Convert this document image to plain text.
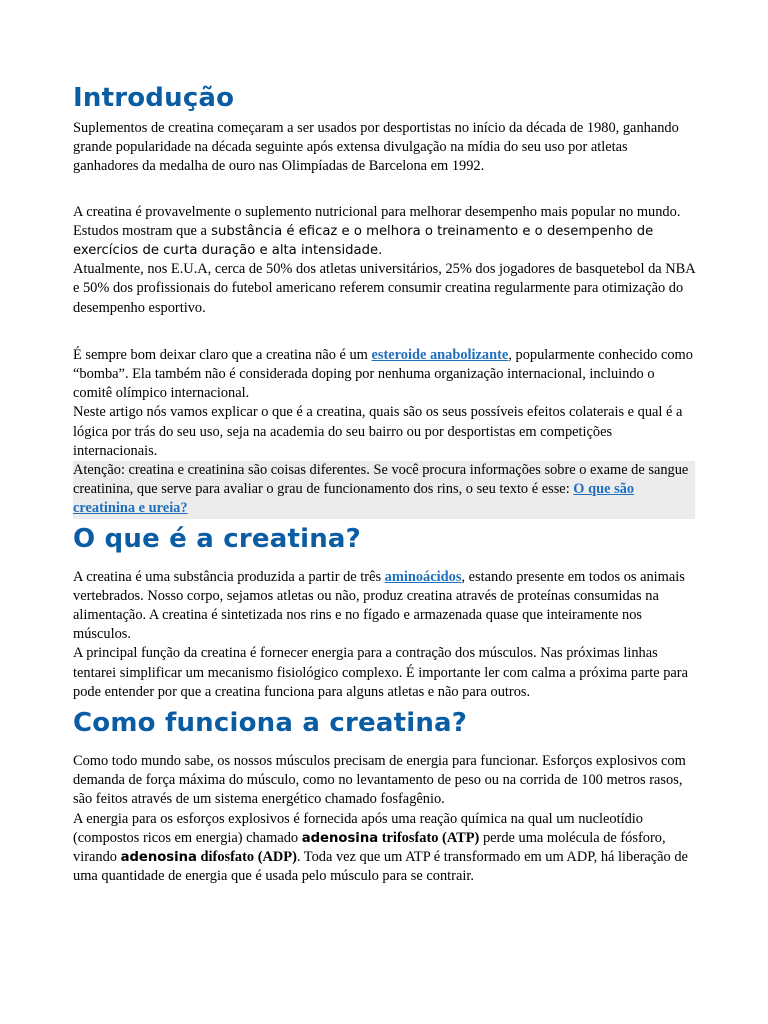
Introdução

Suplementos de creatina começaram a ser usados por desportistas no início da década de 1980, ganhando grande popularidade na década seguinte após extensa divulgação na mídia do seu uso por atletas ganhadores da medalha de ouro nas Olimpíadas de Barcelona em 1992.

A creatina é provavelmente o suplemento nutricional para melhorar desempenho mais popular no mundo. Estudos mostram que a substância é eficaz e o melhora o treinamento e o desempenho de exercícios de curta duração e alta intensidade.

Atualmente, nos E.U.A, cerca de 50% dos atletas universitários, 25% dos jogadores de basquetebol da NBA e 50% dos profissionais do futebol americano referem consumir creatina regularmente para otimização do desempenho esportivo.

É sempre bom deixar claro que a creatina não é um esteroide anabolizante, popularmente conhecido como “bomba”. Ela também não é considerada doping por nenhuma organização internacional, incluindo o comitê olímpico internacional.

Neste artigo nós vamos explicar o que é a creatina, quais são os seus possíveis efeitos colaterais e qual é a lógica por trás do seu uso, seja na academia do seu bairro ou por desportistas em competições internacionais.

Atenção: creatina e creatinina são coisas diferentes. Se você procura informações sobre o exame de sangue creatinina, que serve para avaliar o grau de funcionamento dos rins, o seu texto é esse: O que são creatinina e ureia?

O que é a creatina?

A creatina é uma substância produzida a partir de três aminoácidos, estando presente em todos os animais vertebrados. Nosso corpo, sejamos atletas ou não, produz creatina através de proteínas consumidas na alimentação. A creatina é sintetizada nos rins e no fígado e armazenada quase que inteiramente nos músculos.

A principal função da creatina é fornecer energia para a contração dos músculos. Nas próximas linhas tentarei simplificar um mecanismo fisiológico complexo. É importante ler com calma a próxima parte para pode entender por que a creatina funciona para alguns atletas e não para outros.

Como funciona a creatina?

Como todo mundo sabe, os nossos músculos precisam de energia para funcionar. Esforços explosivos com demanda de força máxima do músculo, como no levantamento de peso ou na corrida de 100 metros rasos, são feitos através de um sistema energético chamado fosfagênio.

A energia para os esforços explosivos é fornecida após uma reação química na qual um nucleotídio (compostos ricos em energia) chamado adenosina trifosfato (ATP) perde uma molécula de fósforo, virando adenosina difosfato (ADP). Toda vez que um ATP é transformado em um ADP, há liberação de uma quantidade de energia que é usada pelo músculo para se contrair.
